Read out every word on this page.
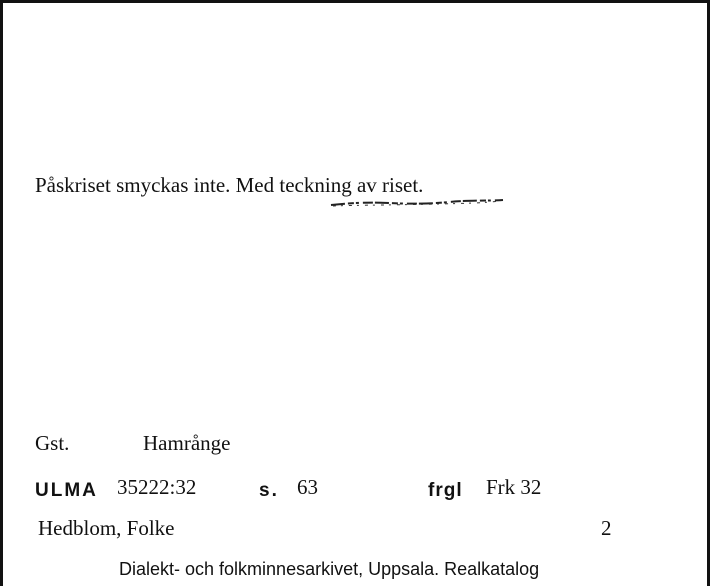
Påskriset smyckas inte. Med teckning av riset.
Gst.	Hamrånge
ULMA 35222:32	s. 63	frgl Frk 32
Hedblom, Folke	2
Dialekt- och folkminnesarkivet, Uppsala. Realkatalog
